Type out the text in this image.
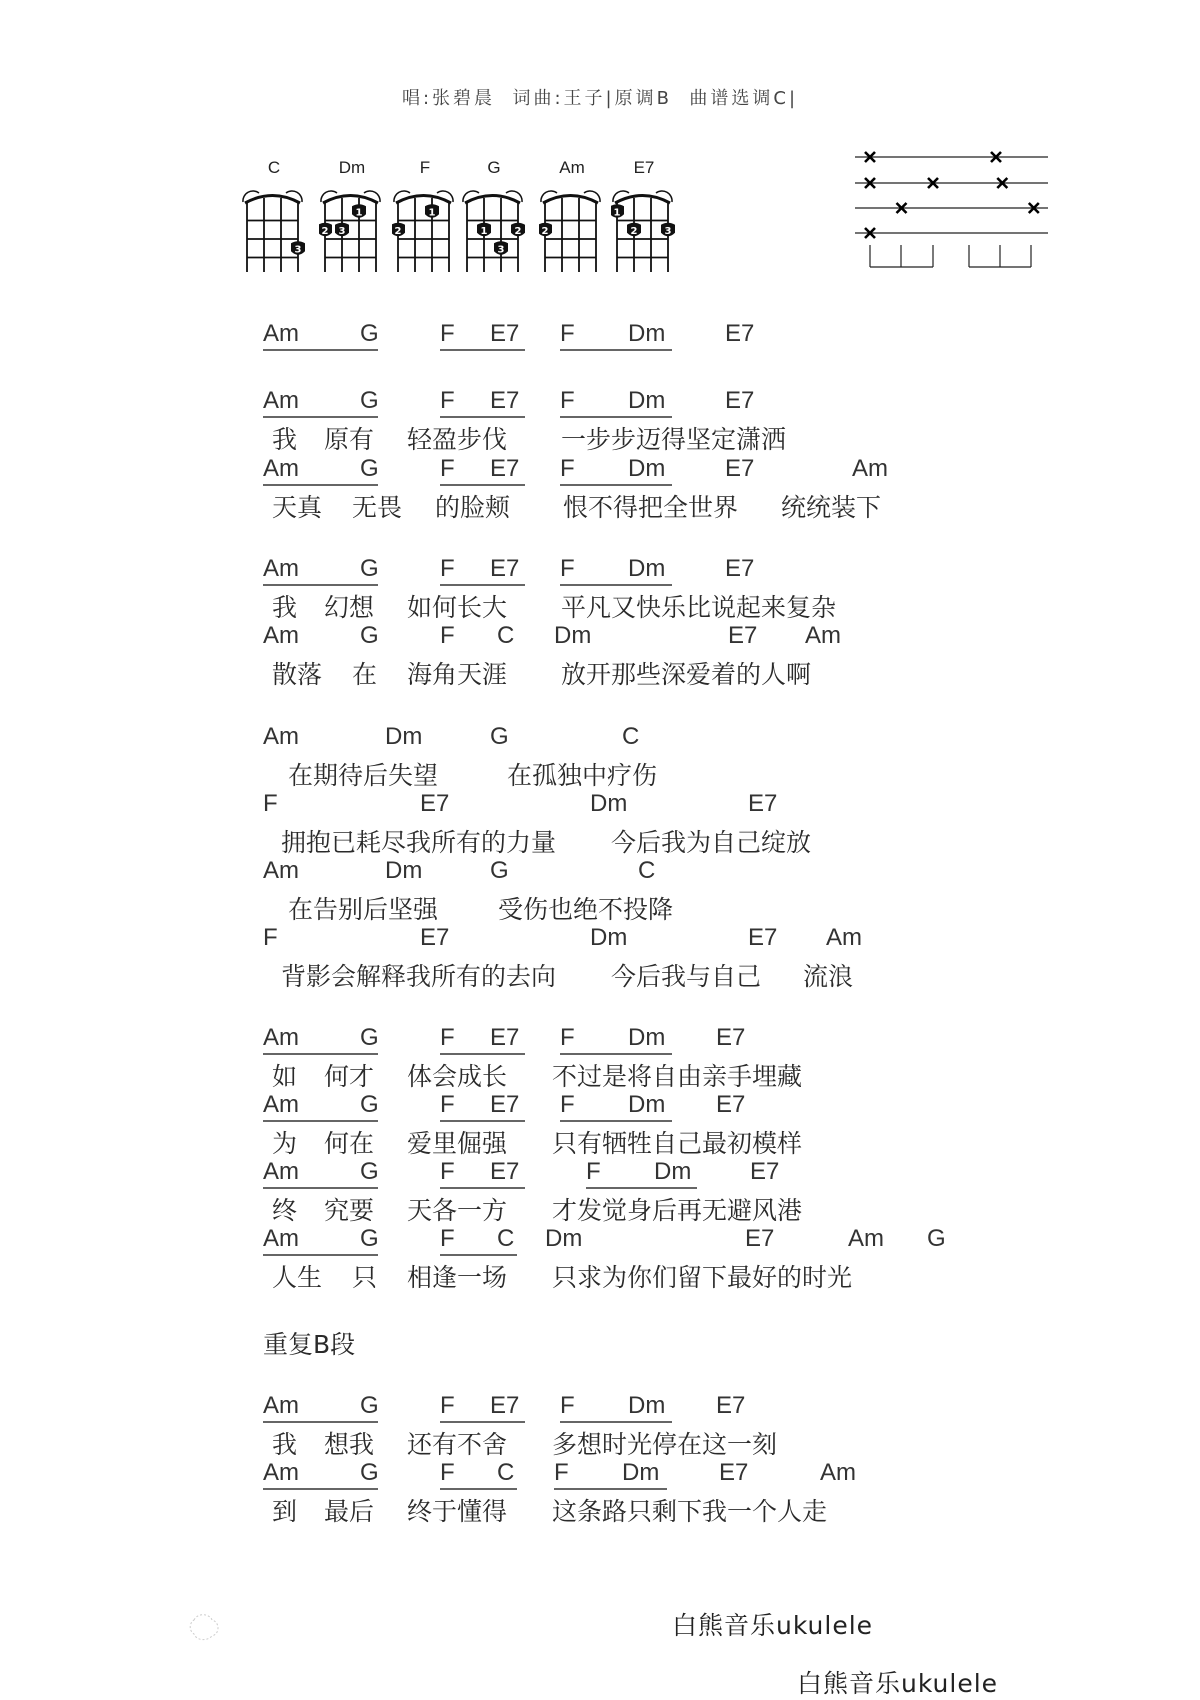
唱:张碧晨  词曲:王子|原调B  曲谱选调C|
C
3
Dm
2 3
1
F
2
1
G
1	2
3
Am
2
E7
1
2	3
Am	G	F E7 F Dm E7
Am	G	F E7 F Dm E7
我 原有 轻盈步伐 一步步迈得坚定潇洒
Am	G	F E7 F Dm E7	Am
天真 无畏 的脸颊 恨不得把全世界 统统装下
Am	G	F E7 F Dm E7
我 幻想 如何长大 平凡又快乐比说起来复杂
Am	G	F C Dm	E7 Am
散落 在 海角天涯 放开那些深爱着的人啊
Am	Dm	G	C
在期待后失望	在孤独中疗伤
F	E7	Dm	E7
拥抱已耗尽我所有的力量 今后我为自己绽放
Am	Dm	G	C
在告别后坚强 受伤也绝不投降
F	E7	Dm	E7 Am
背影会解释我所有的去向 今后我与自己 流浪
Am	G	F E7 F Dm E7
如 何才 体会成长 不过是将自由亲手埋藏
Am	G	F E7 F Dm E7
为 何在 爱里倔强 只有牺牲自己最初模样
Am	G	F E7	F Dm E7
终 究要 天各一方 才发觉身后再无避风港
Am	G	F C Dm	E7	Am G
人生 只 相逢一场 只求为你们留下最好的时光
重复B段
Am	G	F E7 F Dm E7
我 想我 还有不舍 多想时光停在这一刻
Am	G	F C F Dm E7	Am
到 最后 终于懂得 这条路只剩下我一个人走
白熊音乐ukulele
白熊音乐ukulele
